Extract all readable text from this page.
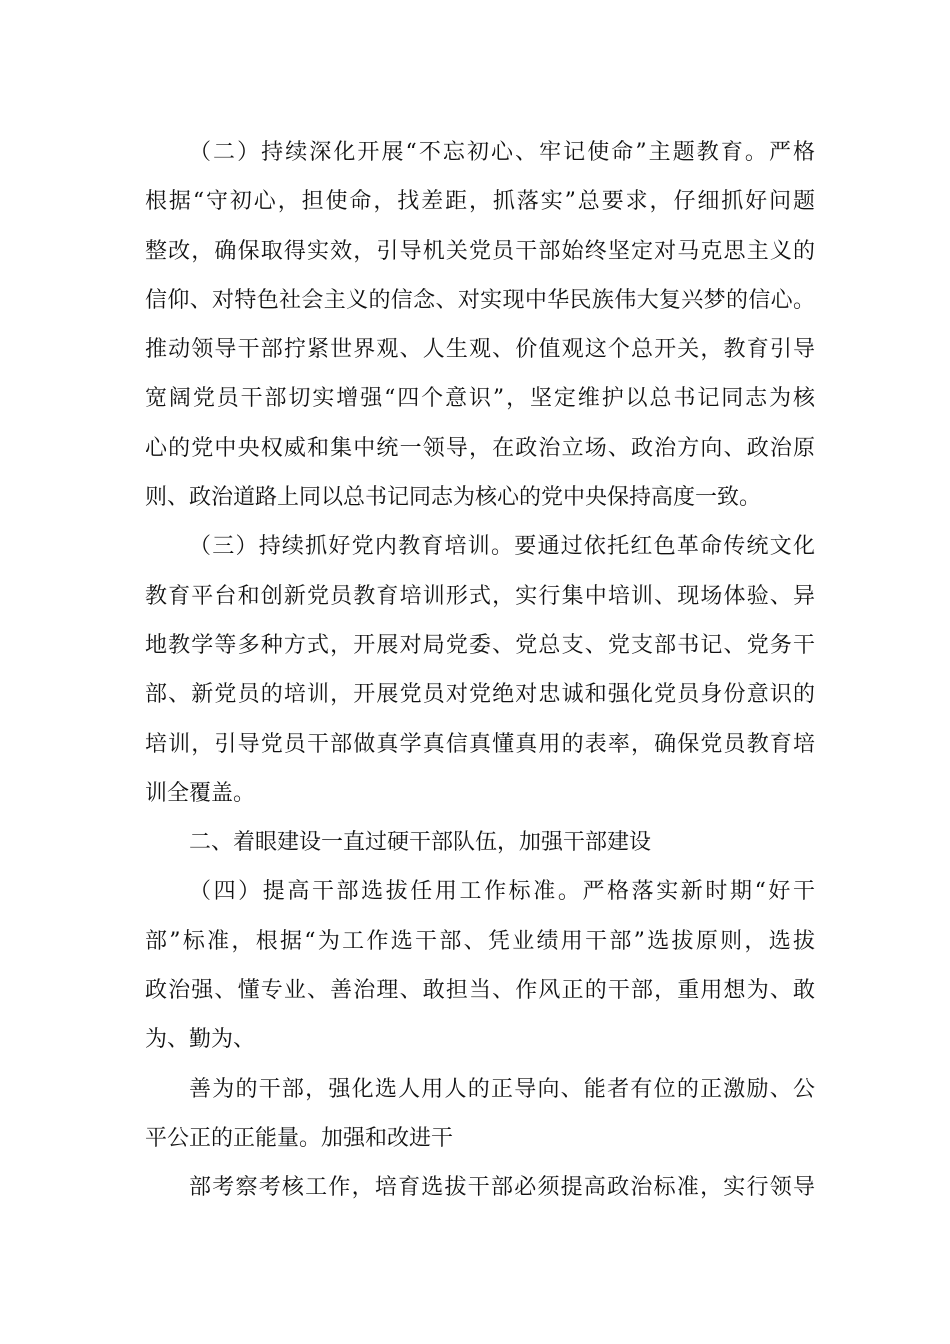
（二）持续深化开展“不忘初心、牢记使命”主题教育。严格
根据“守初心，担使命，找差距，抓落实”总要求，仔细抓好问题
整改，确保取得实效，引导机关党员干部始终坚定对马克思主义的
信仰、对特色社会主义的信念、对实现中华民族伟大复兴梦的信心。
推动领导干部拧紧世界观、人生观、价值观这个总开关，教育引导
宽阔党员干部切实增强“四个意识”，坚定维护以总书记同志为核
心的党中央权威和集中统一领导，在政治立场、政治方向、政治原
则、政治道路上同以总书记同志为核心的党中央保持高度一致。
（三）持续抓好党内教育培训。要通过依托红色革命传统文化
教育平台和创新党员教育培训形式，实行集中培训、现场体验、异
地教学等多种方式，开展对局党委、党总支、党支部书记、党务干
部、新党员的培训，开展党员对党绝对忠诚和强化党员身份意识的
培训，引导党员干部做真学真信真懂真用的表率，确保党员教育培
训全覆盖。
二、着眼建设一直过硬干部队伍，加强干部建设
（四）提高干部选拔任用工作标准。严格落实新时期“好干
部”标准，根据“为工作选干部、凭业绩用干部”选拔原则，选拔
政治强、懂专业、善治理、敢担当、作风正的干部，重用想为、敢
为、勤为、
善为的干部，强化选人用人的正导向、能者有位的正激励、公
平公正的正能量。加强和改进干
部考察考核工作，培育选拔干部必须提高政治标准，实行领导
